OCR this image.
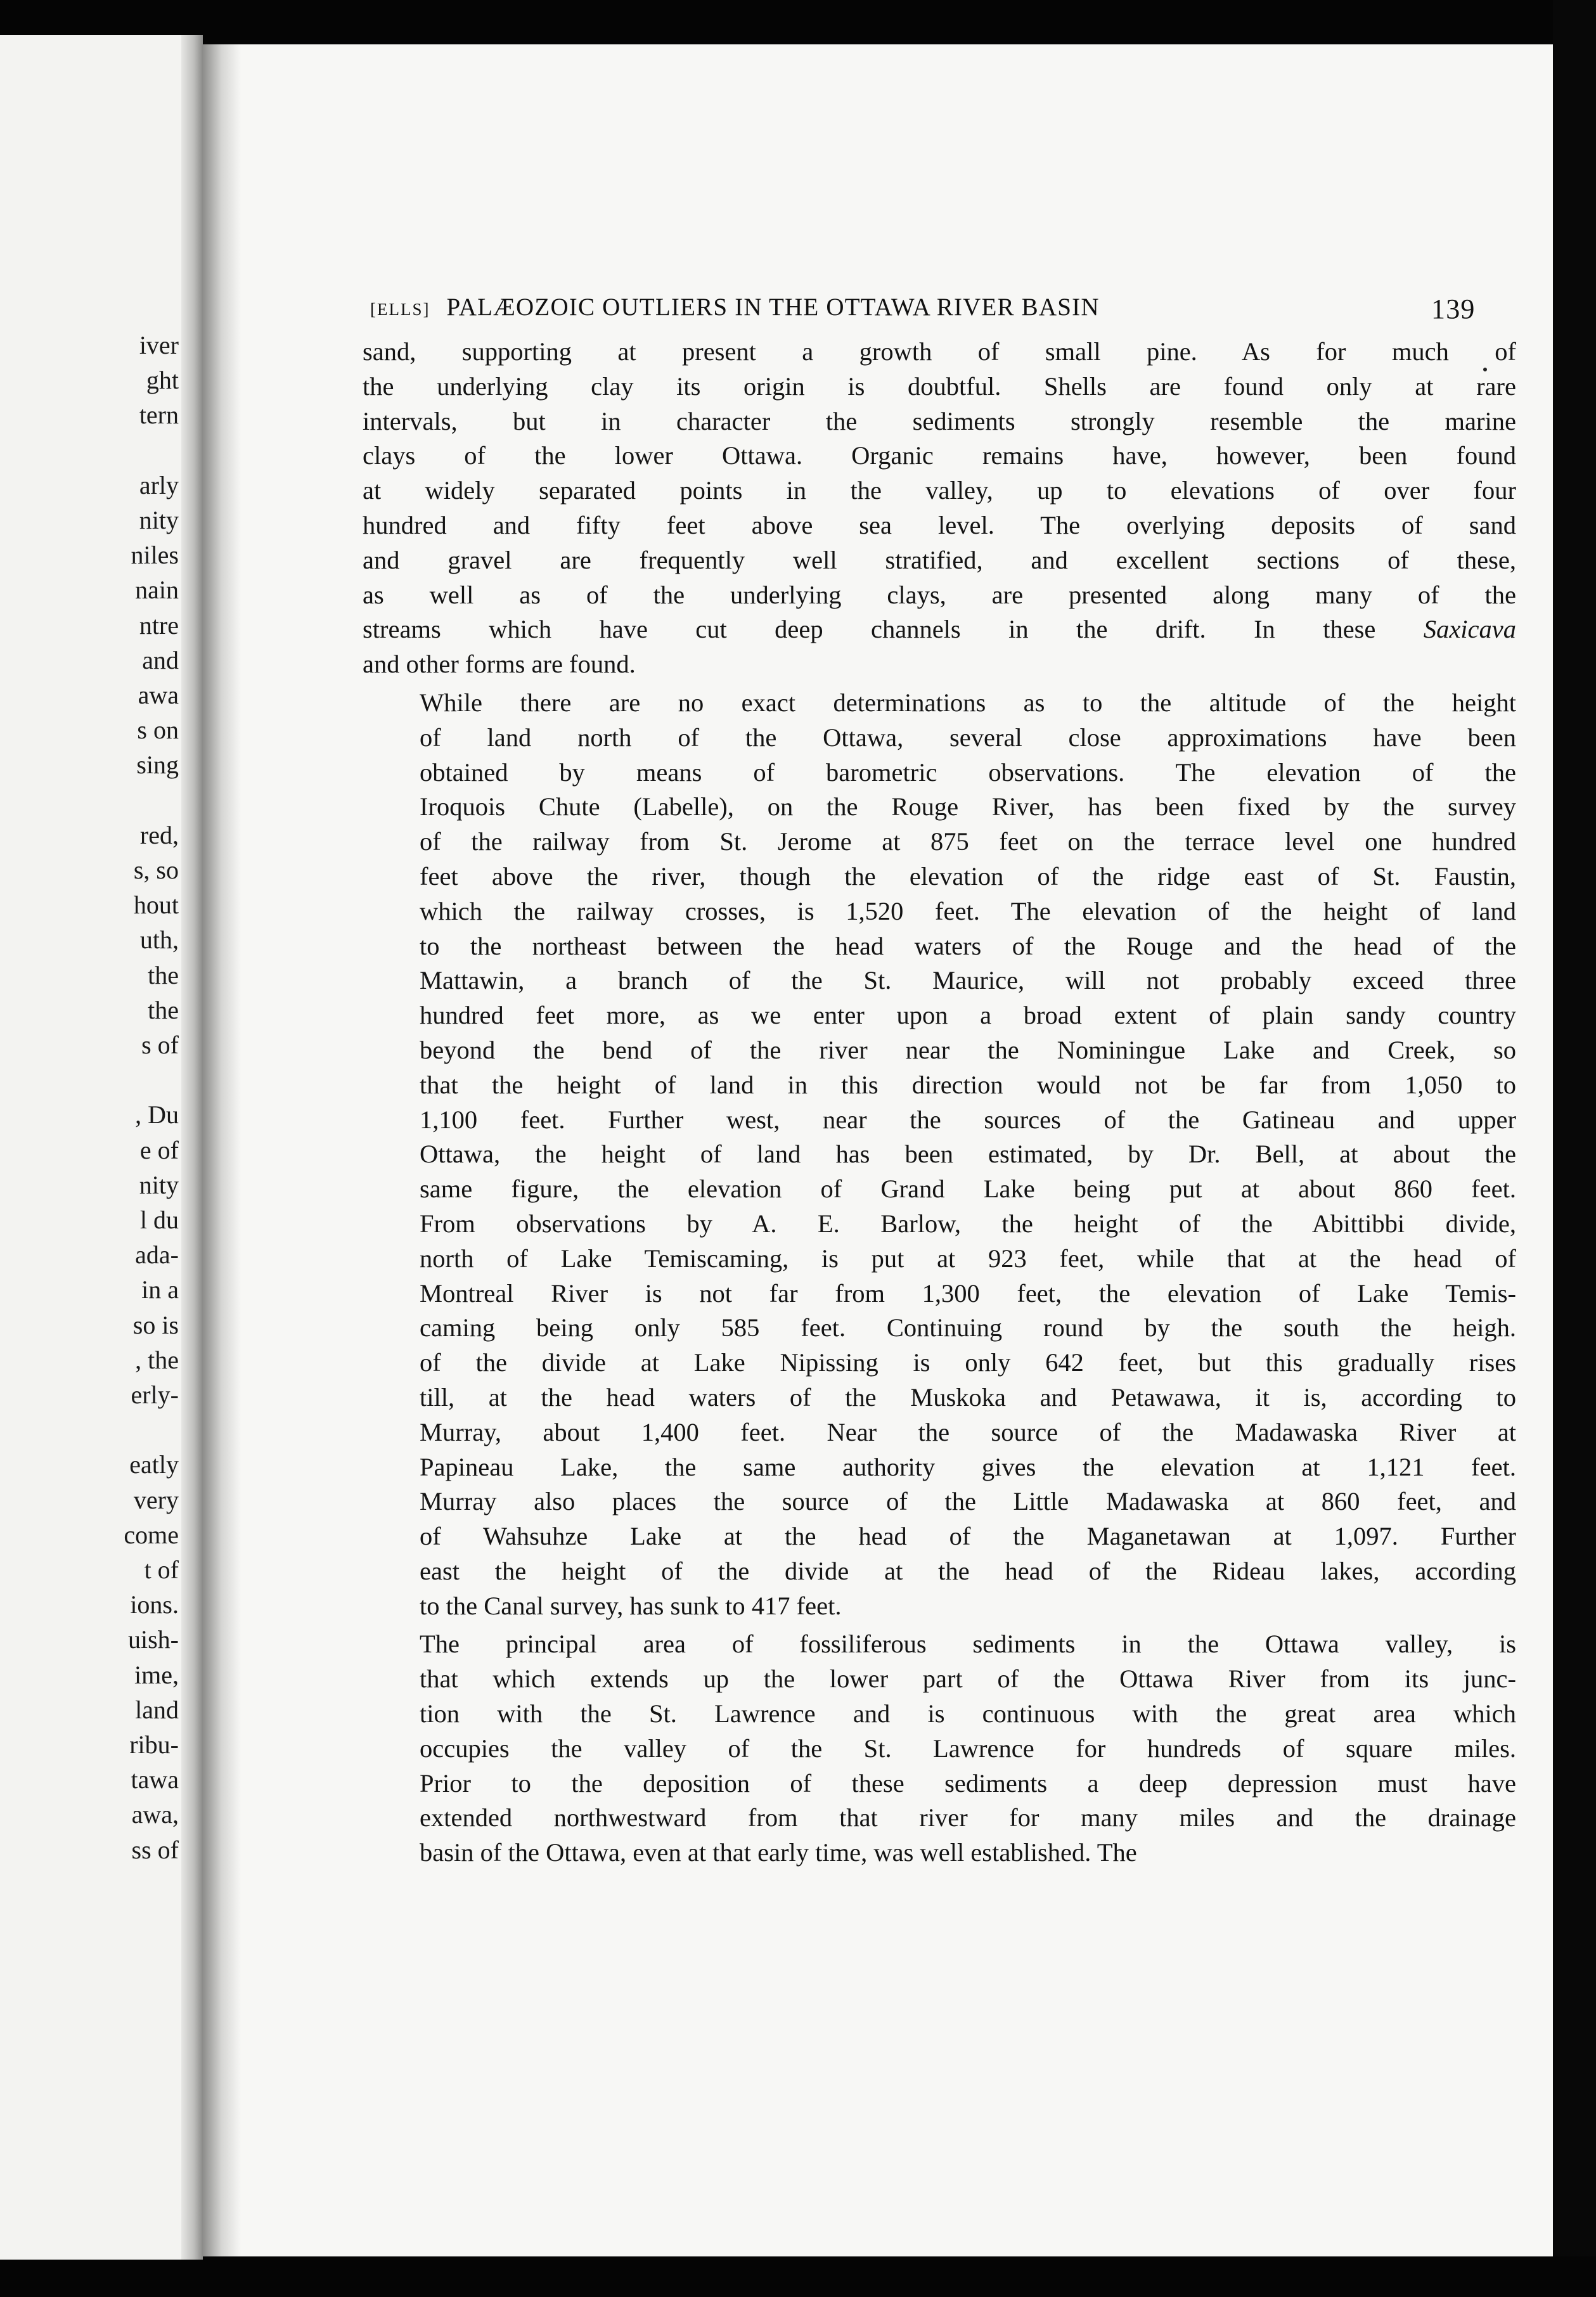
iver
ght
tern
arly
nity
niles
nain
ntre
and
awa
s on
sing
red,
s, so
hout
uth,
the
the
s of
, Du
e of
nity
l du
ada-
in a
so is
, the
erly-
eatly
very
come
t of
ions.
uish-
ime,
land
ribu-
tawa
awa,
ss of
[ELLS] PALÆOZOIC OUTLIERS IN THE OTTAWA RIVER BASIN	139
sand, supporting at present a growth of small pine. As for much of
the underlying clay its origin is doubtful. Shells are found only at rare
intervals, but in character the sediments strongly resemble the marine
clays of the lower Ottawa. Organic remains have, however, been found
at widely separated points in the valley, up to elevations of over four
hundred and fifty feet above sea level. The overlying deposits of sand
and gravel are frequently well stratified, and excellent sections of these,
as well as of the underlying clays, are presented along many of the
streams which have cut deep channels in the drift. In these Saxicava
and other forms are found.
While there are no exact determinations as to the altitude of the height
of land north of the Ottawa, several close approximations have been
obtained by means of barometric observations. The elevation of the
Iroquois Chute (Labelle), on the Rouge River, has been fixed by the survey
of the railway from St. Jerome at 875 feet on the terrace level one hundred
feet above the river, though the elevation of the ridge east of St. Faustin,
which the railway crosses, is 1,520 feet. The elevation of the height of land
to the northeast between the head waters of the Rouge and the head of the
Mattawin, a branch of the St. Maurice, will not probably exceed three
hundred feet more, as we enter upon a broad extent of plain sandy country
beyond the bend of the river near the Nominingue Lake and Creek, so
that the height of land in this direction would not be far from 1,050 to
1,100 feet. Further west, near the sources of the Gatineau and upper
Ottawa, the height of land has been estimated, by Dr. Bell, at about the
same figure, the elevation of Grand Lake being put at about 860 feet.
From observations by A. E. Barlow, the height of the Abittibbi divide,
north of Lake Temiscaming, is put at 923 feet, while that at the head of
Montreal River is not far from 1,300 feet, the elevation of Lake Temis-
caming being only 585 feet. Continuing round by the south the heigh.
of the divide at Lake Nipissing is only 642 feet, but this gradually rises
till, at the head waters of the Muskoka and Petawawa, it is, according to
Murray, about 1,400 feet. Near the source of the Madawaska River at
Papineau Lake, the same authority gives the elevation at 1,121 feet.
Murray also places the source of the Little Madawaska at 860 feet, and
of Wahsuhze Lake at the head of the Maganetawan at 1,097. Further
east the height of the divide at the head of the Rideau lakes, according
to the Canal survey, has sunk to 417 feet.
The principal area of fossiliferous sediments in the Ottawa valley, is
that which extends up the lower part of the Ottawa River from its junc-
tion with the St. Lawrence and is continuous with the great area which
occupies the valley of the St. Lawrence for hundreds of square miles.
Prior to the deposition of these sediments a deep depression must have
extended northwestward from that river for many miles and the drainage
basin of the Ottawa, even at that early time, was well established. The
